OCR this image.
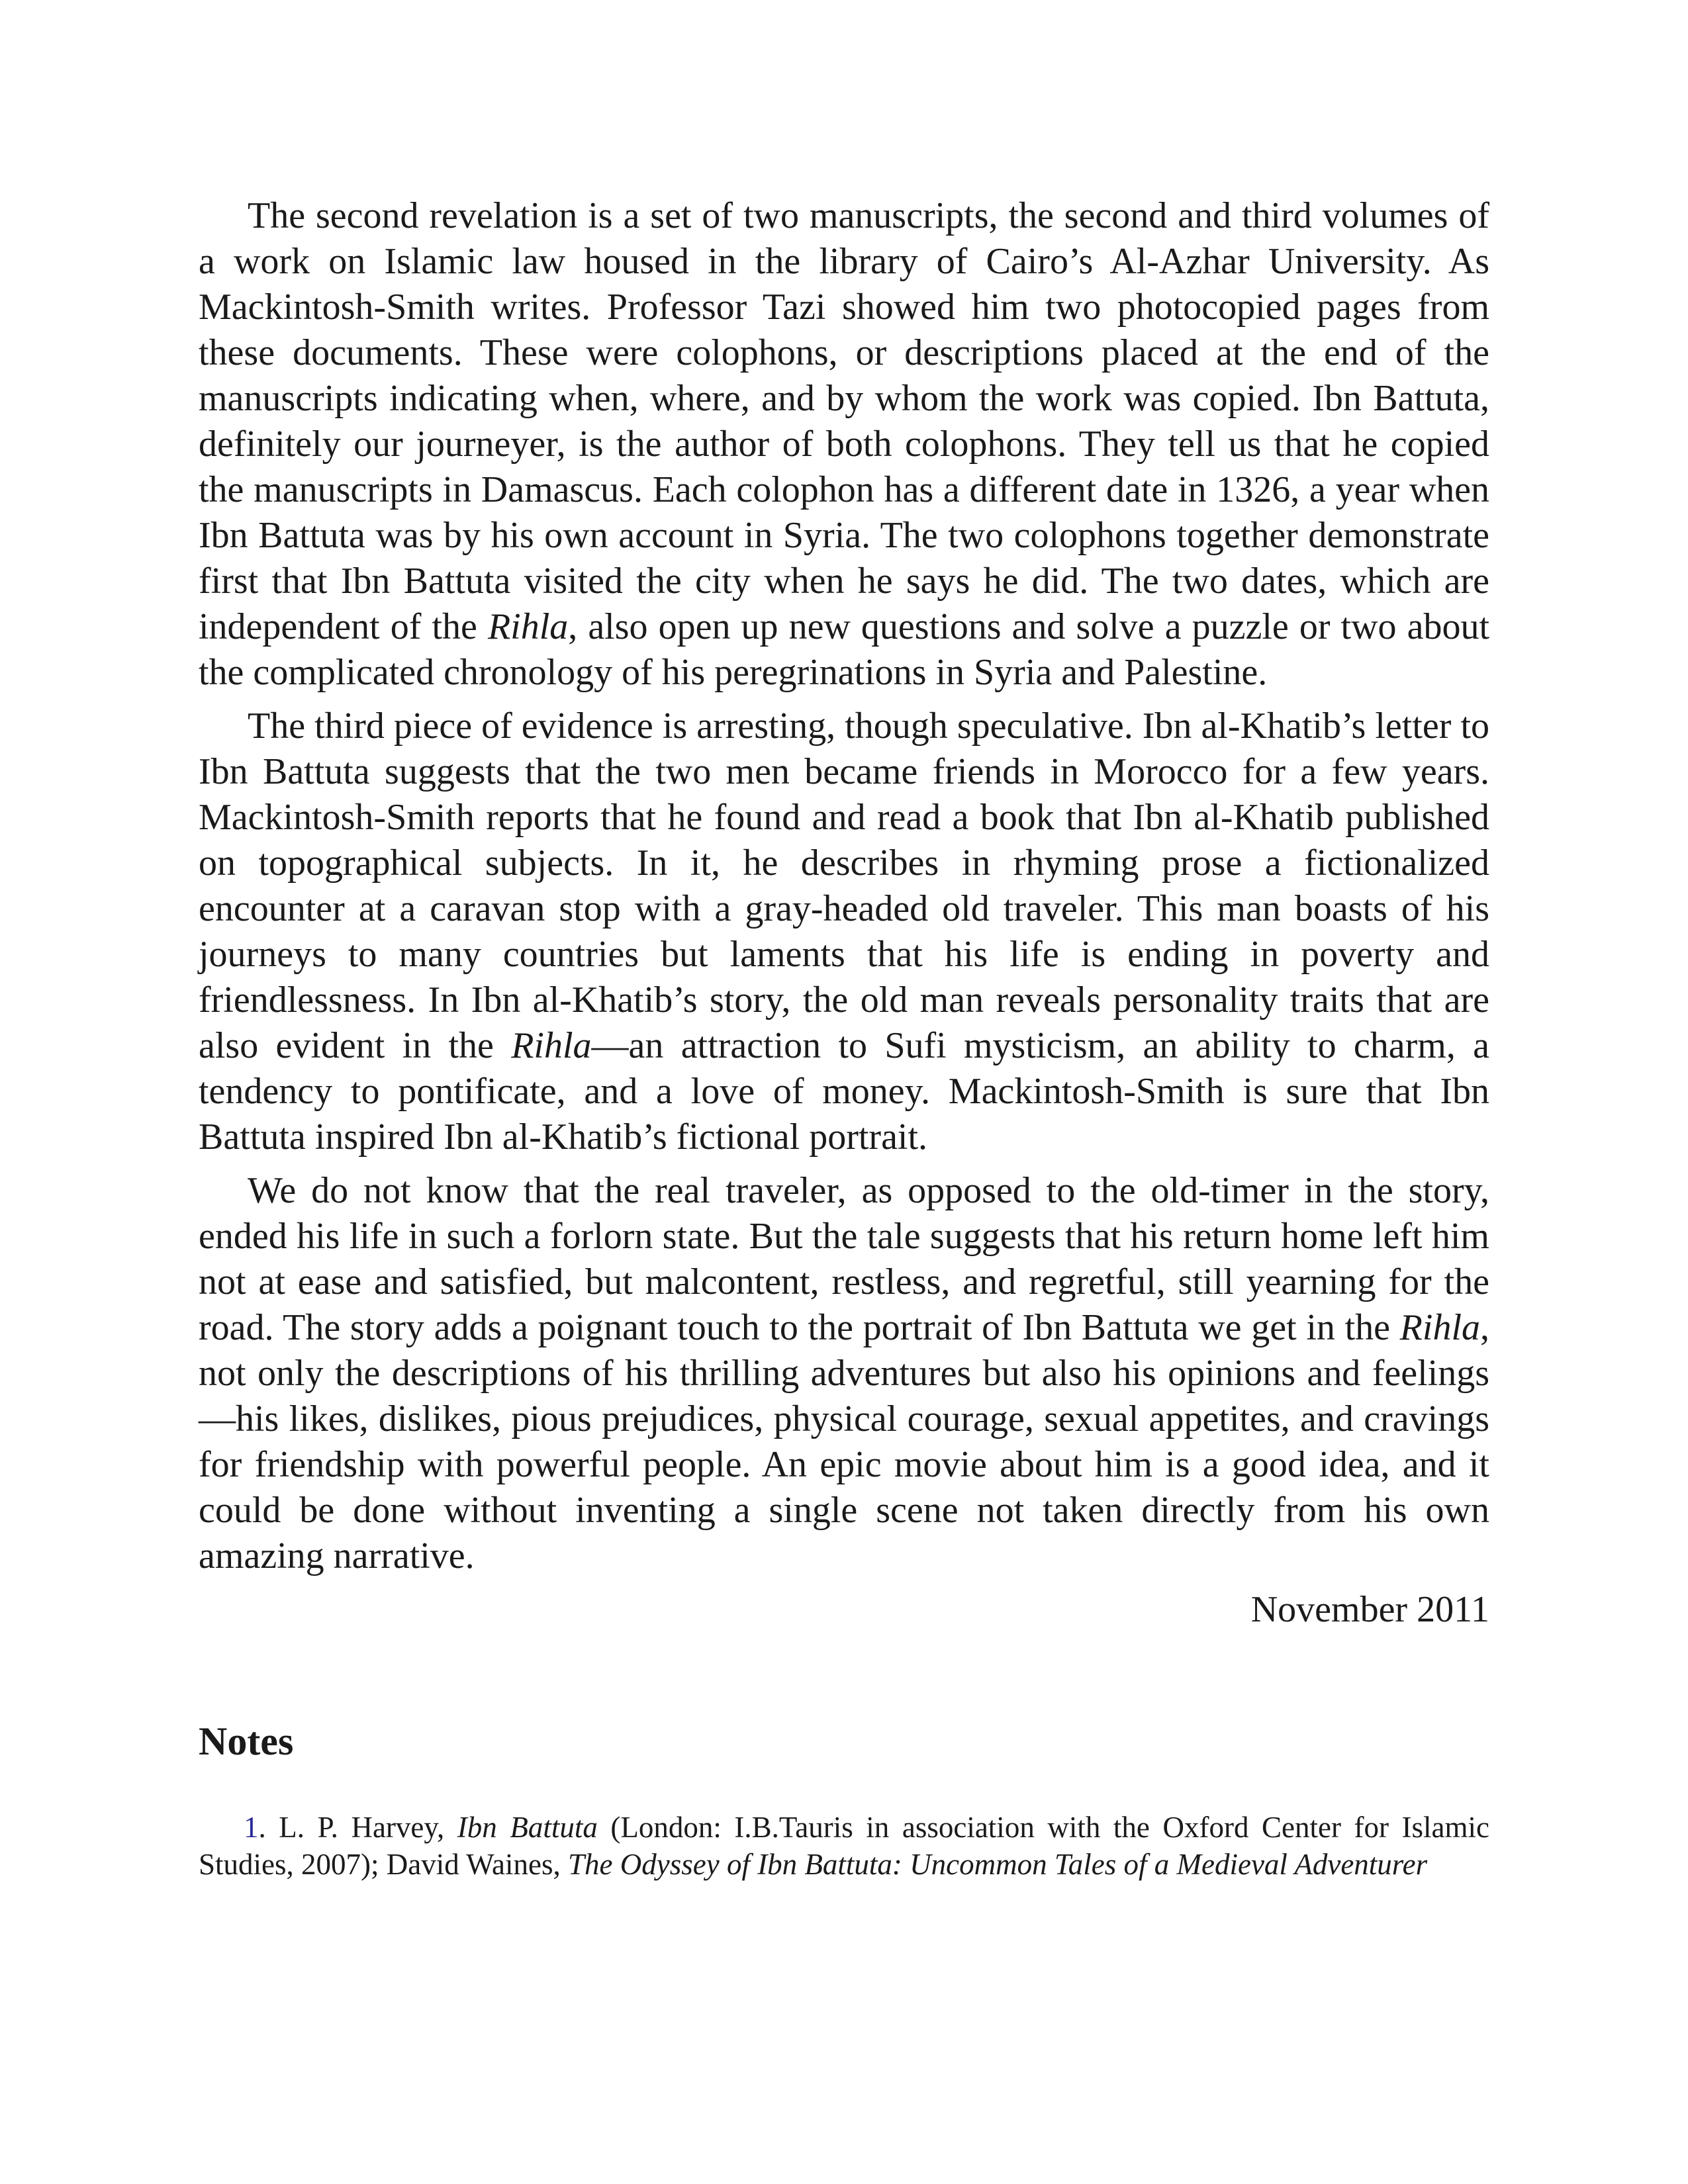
The second revelation is a set of two manuscripts, the second and third volumes of a work on Islamic law housed in the library of Cairo’s Al-Azhar University. As Mackintosh-Smith writes. Professor Tazi showed him two photocopied pages from these documents. These were colophons, or descriptions placed at the end of the manuscripts indicating when, where, and by whom the work was copied. Ibn Battuta, definitely our journeyer, is the author of both colophons. They tell us that he copied the manuscripts in Damascus. Each colophon has a different date in 1326, a year when Ibn Battuta was by his own account in Syria. The two colophons together demonstrate first that Ibn Battuta visited the city when he says he did. The two dates, which are independent of the Rihla, also open up new questions and solve a puzzle or two about the complicated chronology of his peregrinations in Syria and Palestine.

The third piece of evidence is arresting, though speculative. Ibn al-Khatib’s letter to Ibn Battuta suggests that the two men became friends in Morocco for a few years. Mackintosh-Smith reports that he found and read a book that Ibn al-Khatib published on topographical subjects. In it, he describes in rhyming prose a fictionalized encounter at a caravan stop with a gray-headed old traveler. This man boasts of his journeys to many countries but laments that his life is ending in poverty and friendlessness. In Ibn al-Khatib’s story, the old man reveals personality traits that are also evident in the Rihla—an attraction to Sufi mysticism, an ability to charm, a tendency to pontificate, and a love of money. Mackintosh-Smith is sure that Ibn Battuta inspired Ibn al-Khatib’s fictional portrait.

We do not know that the real traveler, as opposed to the old-timer in the story, ended his life in such a forlorn state. But the tale suggests that his return home left him not at ease and satisfied, but malcontent, restless, and regretful, still yearning for the road. The story adds a poignant touch to the portrait of Ibn Battuta we get in the Rihla, not only the descriptions of his thrilling adventures but also his opinions and feelings—his likes, dislikes, pious prejudices, physical courage, sexual appetites, and cravings for friendship with powerful people. An epic movie about him is a good idea, and it could be done without inventing a single scene not taken directly from his own amazing narrative.

November 2011

Notes

1. L. P. Harvey, Ibn Battuta (London: I.B.Tauris in association with the Oxford Center for Islamic Studies, 2007); David Waines, The Odyssey of Ibn Battuta: Uncommon Tales of a Medieval Adventurer
